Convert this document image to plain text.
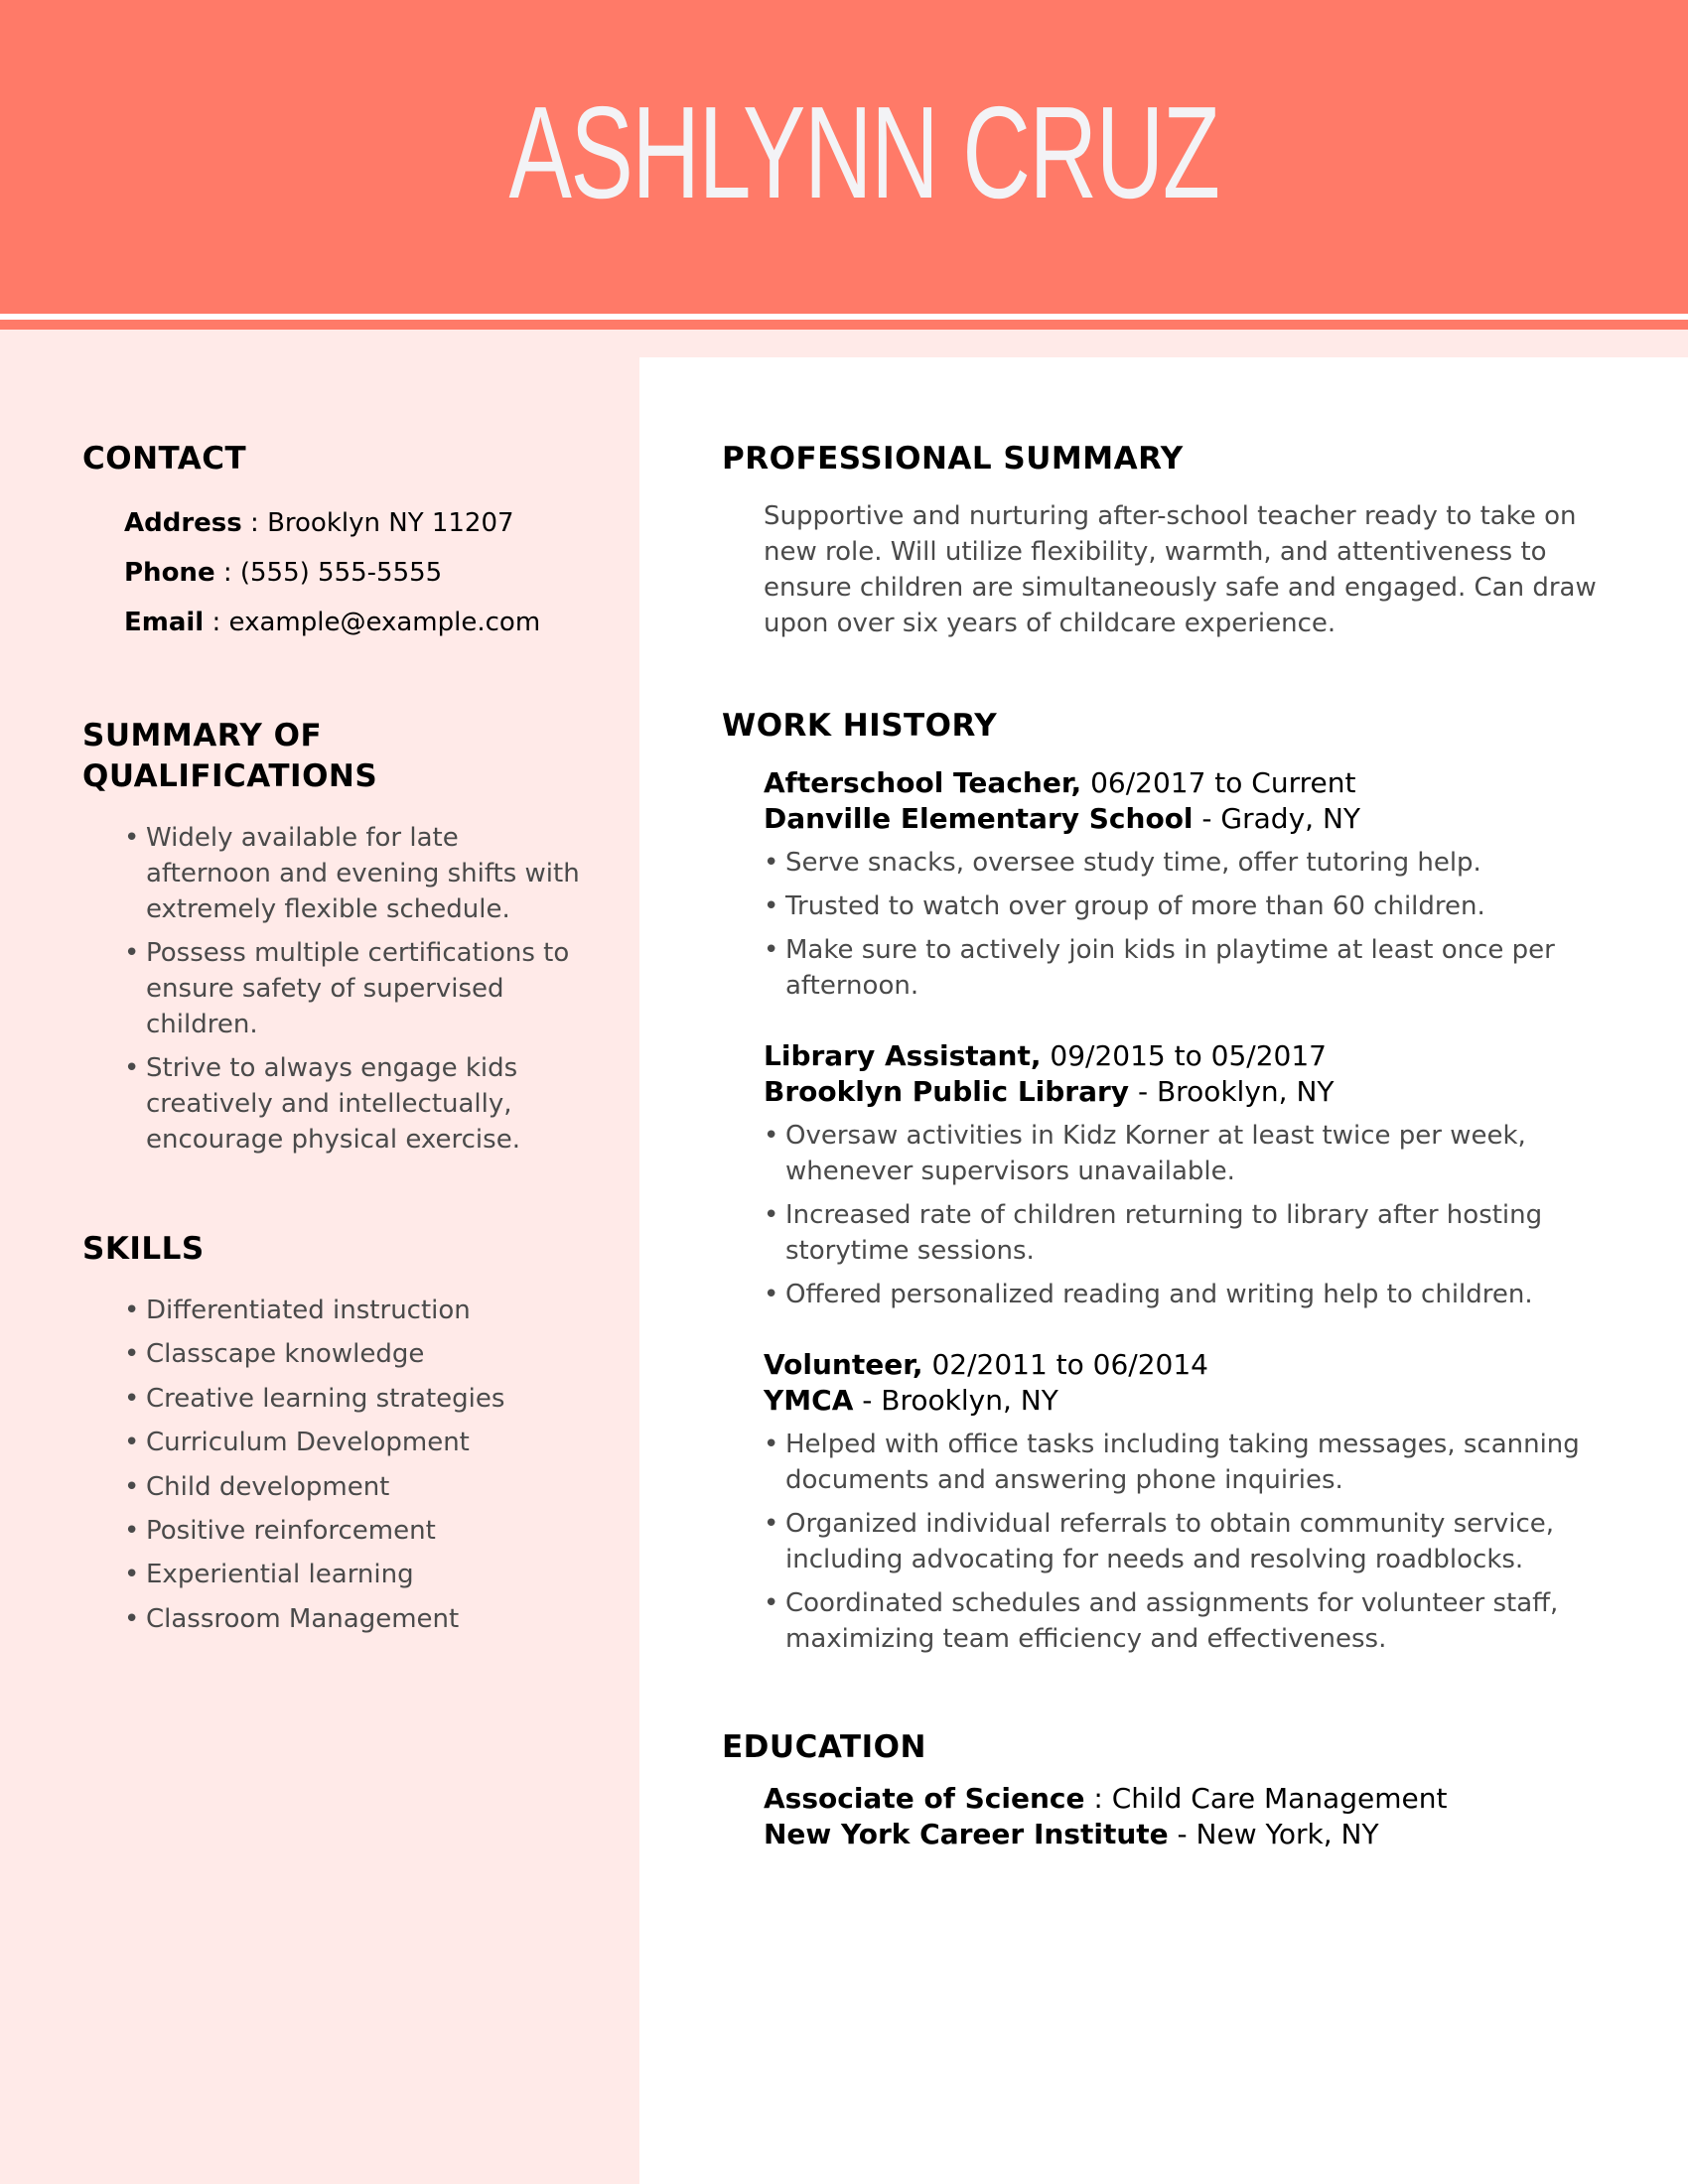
ASHLYNN CRUZ
CONTACT
Address : Brooklyn NY 11207
Phone : (555) 555-5555
Email : example@example.com
SUMMARY OF
QUALIFICATIONS
• Widely available for late afternoon and evening shifts with extremely flexible schedule.
• Possess multiple certifications to ensure safety of supervised children.
• Strive to always engage kids creatively and intellectually, encourage physical exercise.
SKILLS
• Differentiated instruction
• Classcape knowledge
• Creative learning strategies
• Curriculum Development
• Child development
• Positive reinforcement
• Experiential learning
• Classroom Management
PROFESSIONAL SUMMARY

Supportive and nurturing after-school teacher ready to take on new role. Will utilize flexibility, warmth, and attentiveness to ensure children are simultaneously safe and engaged. Can draw upon over six years of childcare experience.

WORK HISTORY
Afterschool Teacher, 06/2017 to Current
Danville Elementary School - Grady, NY
• Serve snacks, oversee study time, offer tutoring help.
• Trusted to watch over group of more than 60 children.
• Make sure to actively join kids in playtime at least once per afternoon.
Library Assistant, 09/2015 to 05/2017
Brooklyn Public Library - Brooklyn, NY
• Oversaw activities in Kidz Korner at least twice per week, whenever supervisors unavailable.
• Increased rate of children returning to library after hosting storytime sessions.
• Offered personalized reading and writing help to children.
Volunteer, 02/2011 to 06/2014
YMCA - Brooklyn, NY
• Helped with office tasks including taking messages, scanning documents and answering phone inquiries.
• Organized individual referrals to obtain community service, including advocating for needs and resolving roadblocks.
• Coordinated schedules and assignments for volunteer staff, maximizing team efficiency and effectiveness.
EDUCATION
Associate of Science : Child Care Management
New York Career Institute - New York, NY
